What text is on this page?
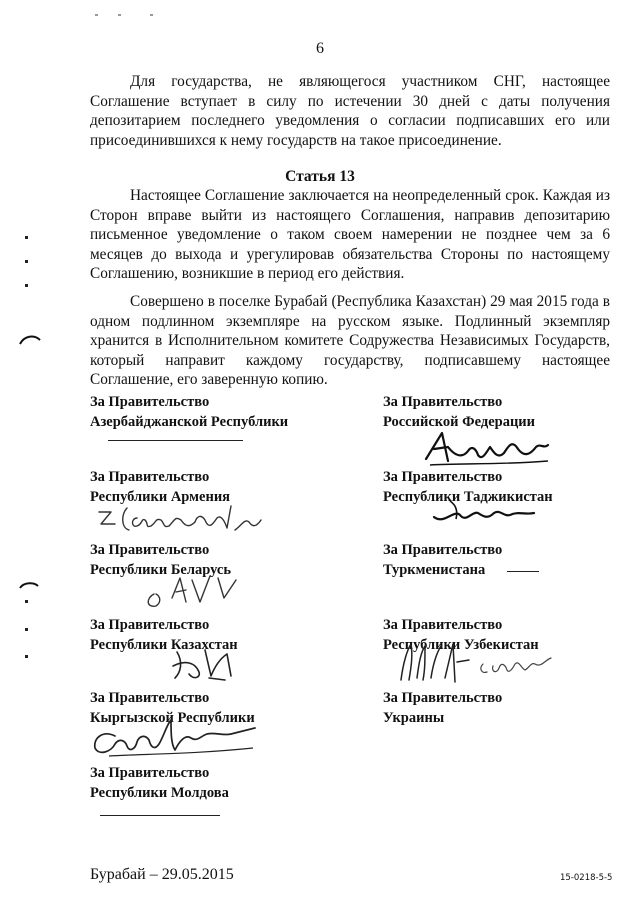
6

Для государства, не являющегося участником СНГ, настоящее Соглашение вступает в силу по истечении 30 дней с даты получения депозитарием последнего уведомления о согласии подписавших его или присоединившихся к нему государств на такое присоединение.

Статья 13

Настоящее Соглашение заключается на неопределенный срок. Каждая из Сторон вправе выйти из настоящего Соглашения, направив депозитарию письменное уведомление о таком своем намерении не позднее чем за 6 месяцев до выхода и урегулировав обязательства Стороны по настоящему Соглашению, возникшие в период его действия.

Совершено в поселке Бурабай (Республика Казахстан) 29 мая 2015 года в одном подлинном экземпляре на русском языке. Подлинный экземпляр хранится в Исполнительном комитете Содружества Независимых Государств, который направит каждому государству, подписавшему настоящее Соглашение, его заверенную копию.

За Правительство
Азербайджанской Республики
За Правительство
Республики Армения
За Правительство
Республики Беларусь
За Правительство
Республики Казахстан
За Правительство
Кыргызской Республики
За Правительство
Республики Молдова
За Правительство
Российской Федерации
За Правительство
Республики Таджикистан
За Правительство
Туркменистана
За Правительство
Республики Узбекистан
За Правительство
Украины
Бурабай – 29.05.2015	15-0218-5-5
